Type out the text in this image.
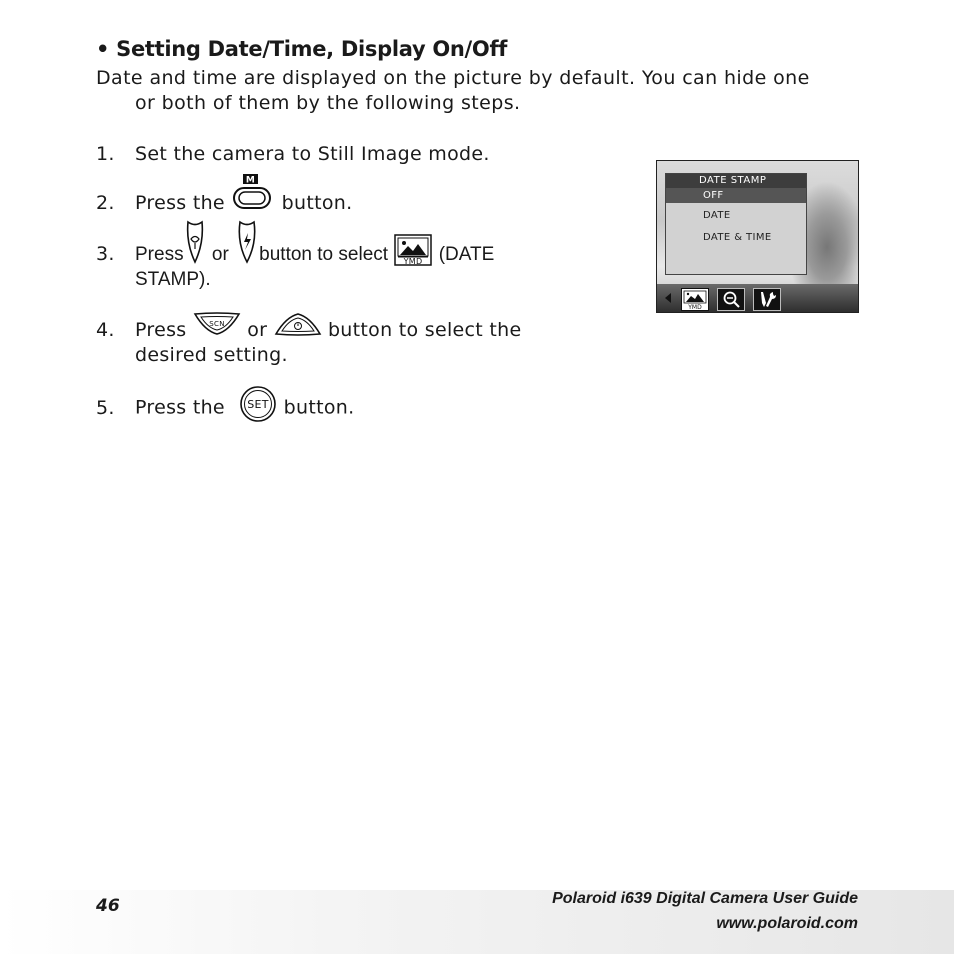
• Setting Date/Time, Display On/Off
Date and time are displayed on the picture by default. You can hide one
or both of them by the following steps.
1. Set the camera to Still Image mode.
2. Press the
M
button.
3. Press or button to select YMD (DATE
STAMP).
4. Press	SCN or	button to select the
desired setting.
5. Press the SET button.
DATE STAMP
OFF
DATE
DATE & TIME
YMD
46	Polaroid i639 Digital Camera User Guide
www.polaroid.com
